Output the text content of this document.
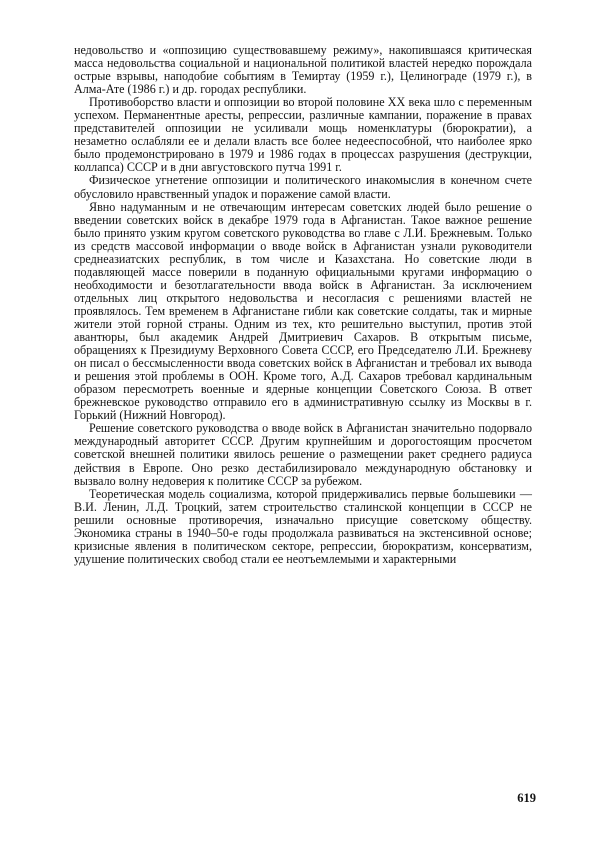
недовольство и «оппозицию существовавшему режиму», накопившаяся критическая масса недовольства социальной и национальной политикой властей нередко порождала острые взрывы, наподобие событиям в Темиртау (1959 г.), Целинограде (1979 г.), в Алма-Ате (1986 г.) и др. городах республики.

Противоборство власти и оппозиции во второй половине XX века шло с переменным успехом. Перманентные аресты, репрессии, различные кампании, поражение в правах представителей оппозиции не усиливали мощь номенклатуры (бюрократии), а незаметно ослабляли ее и делали власть все более недееспособной, что наиболее ярко было продемонстрировано в 1979 и 1986 годах в процессах разрушения (деструкции, коллапса) СССР и в дни августовского путча 1991 г.

Физическое угнетение оппозиции и политического инакомыслия в конечном счете обусловило нравственный упадок и поражение самой власти.

Явно надуманным и не отвечающим интересам советских людей было решение о введении советских войск в декабре 1979 года в Афганистан. Такое важное решение было принято узким кругом советского руководства во главе с Л.И. Брежневым. Только из средств массовой информации о вводе войск в Афганистан узнали руководители среднеазиатских республик, в том числе и Казахстана. Но советские люди в подавляющей массе поверили в поданную официальными кругами информацию о необходимости и безотлагательности ввода войск в Афганистан. За исключением отдельных лиц открытого недовольства и несогласия с решениями властей не проявлялось. Тем временем в Афганистане гибли как советские солдаты, так и мирные жители этой горной страны. Одним из тех, кто решительно выступил, против этой авантюры, был академик Андрей Дмитриевич Сахаров. В открытым письме, обращениях к Президиуму Верховного Совета СССР, его Председателю Л.И. Брежневу он писал о бессмысленности ввода советских войск в Афганистан и требовал их вывода и решения этой проблемы в ООН. Кроме того, А.Д. Сахаров требовал кардинальным образом пересмотреть военные и ядерные концепции Советского Союза. В ответ брежневское руководство отправило его в административную ссылку из Москвы в г. Горький (Нижний Новгород).

Решение советского руководства о вводе войск в Афганистан значительно подорвало международный авторитет СССР. Другим крупнейшим и дорогостоящим просчетом советской внешней политики явилось решение о размещении ракет среднего радиуса действия в Европе. Оно резко дестабилизировало международную обстановку и вызвало волну недоверия к политике СССР за рубежом.

Теоретическая модель социализма, которой придерживались первые большевики — В.И. Ленин, Л.Д. Троцкий, затем строительство сталинской концепции в СССР не решили основные противоречия, изначально присущие советскому обществу. Экономика страны в 1940–50-е годы продолжала развиваться на экстенсивной основе; кризисные явления в политическом секторе, репрессии, бюрократизм, консерватизм, удушение политических свобод стали ее неотъемлемыми и характерными

619
